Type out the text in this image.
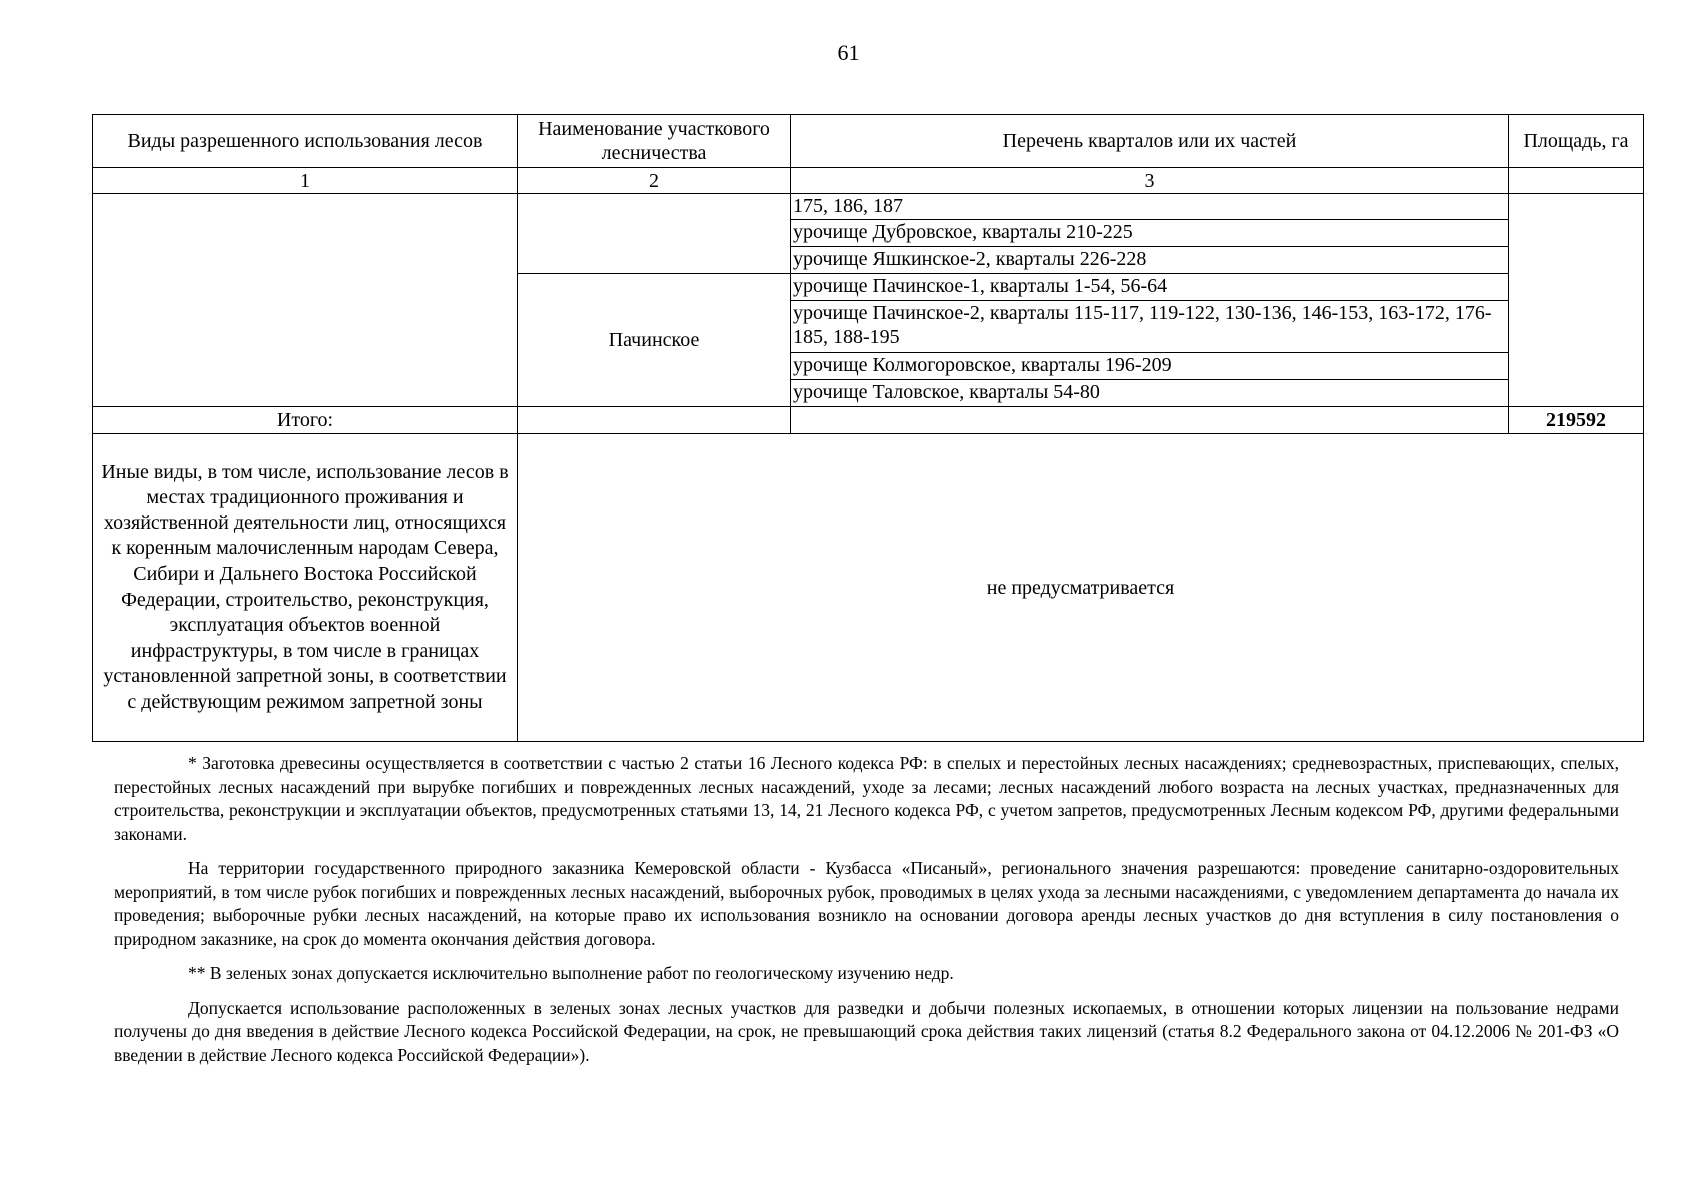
61
Виды разрешенного использования лесов	Наименование участкового лесничества	Перечень кварталов или их частей	Площадь, га
1	2	3	
		175, 186, 187	
		урочище Дубровское, кварталы 210-225	
		урочище Яшкинское-2, кварталы 226-228	
	Пачинское	урочище Пачинское-1, кварталы 1-54, 56-64	
		урочище Пачинское-2, кварталы 115-117, 119-122, 130-136, 146-153, 163-172, 176-185, 188-195	
		урочище Колмогоровское, кварталы 196-209	
		урочище Таловское, кварталы 54-80	
Итого:			219592
Иные виды, в том числе, использование лесов в местах традиционного проживания и хозяйственной деятельности лиц, относящихся к коренным малочисленным народам Севера, Сибири и Дальнего Востока Российской Федерации, строительство, реконструкция, эксплуатация объектов военной инфраструктуры, в том числе в границах установленной запретной зоны, в соответствии с действующим режимом запретной зоны	не предусматривается		

* Заготовка древесины осуществляется в соответствии с частью 2 статьи 16 Лесного кодекса РФ: в спелых и перестойных лесных насаждениях; средневозрастных, приспевающих, спелых, перестойных лесных насаждений при вырубке погибших и поврежденных лесных насаждений, уходе за лесами; лесных насаждений любого возраста на лесных участках, предназначенных для строительства, реконструкции и эксплуатации объектов, предусмотренных статьями 13, 14, 21 Лесного кодекса РФ, с учетом запретов, предусмотренных Лесным кодексом РФ, другими федеральными законами.

На территории государственного природного заказника Кемеровской области - Кузбасса «Писаный», регионального значения разрешаются: проведение санитарно-оздоровительных мероприятий, в том числе рубок погибших и поврежденных лесных насаждений, выборочных рубок, проводимых в целях ухода за лесными насаждениями, с уведомлением департамента до начала их проведения; выборочные рубки лесных насаждений, на которые право их использования возникло на основании договора аренды лесных участков до дня вступления в силу постановления о природном заказнике, на срок до момента окончания действия договора.

** В зеленых зонах допускается исключительно выполнение работ по геологическому изучению недр.

Допускается использование расположенных в зеленых зонах лесных участков для разведки и добычи полезных ископаемых, в отношении которых лицензии на пользование недрами получены до дня введения в действие Лесного кодекса Российской Федерации, на срок, не превышающий срока действия таких лицензий (статья 8.2 Федерального закона от 04.12.2006 № 201-ФЗ «О введении в действие Лесного кодекса Российской Федерации»).
